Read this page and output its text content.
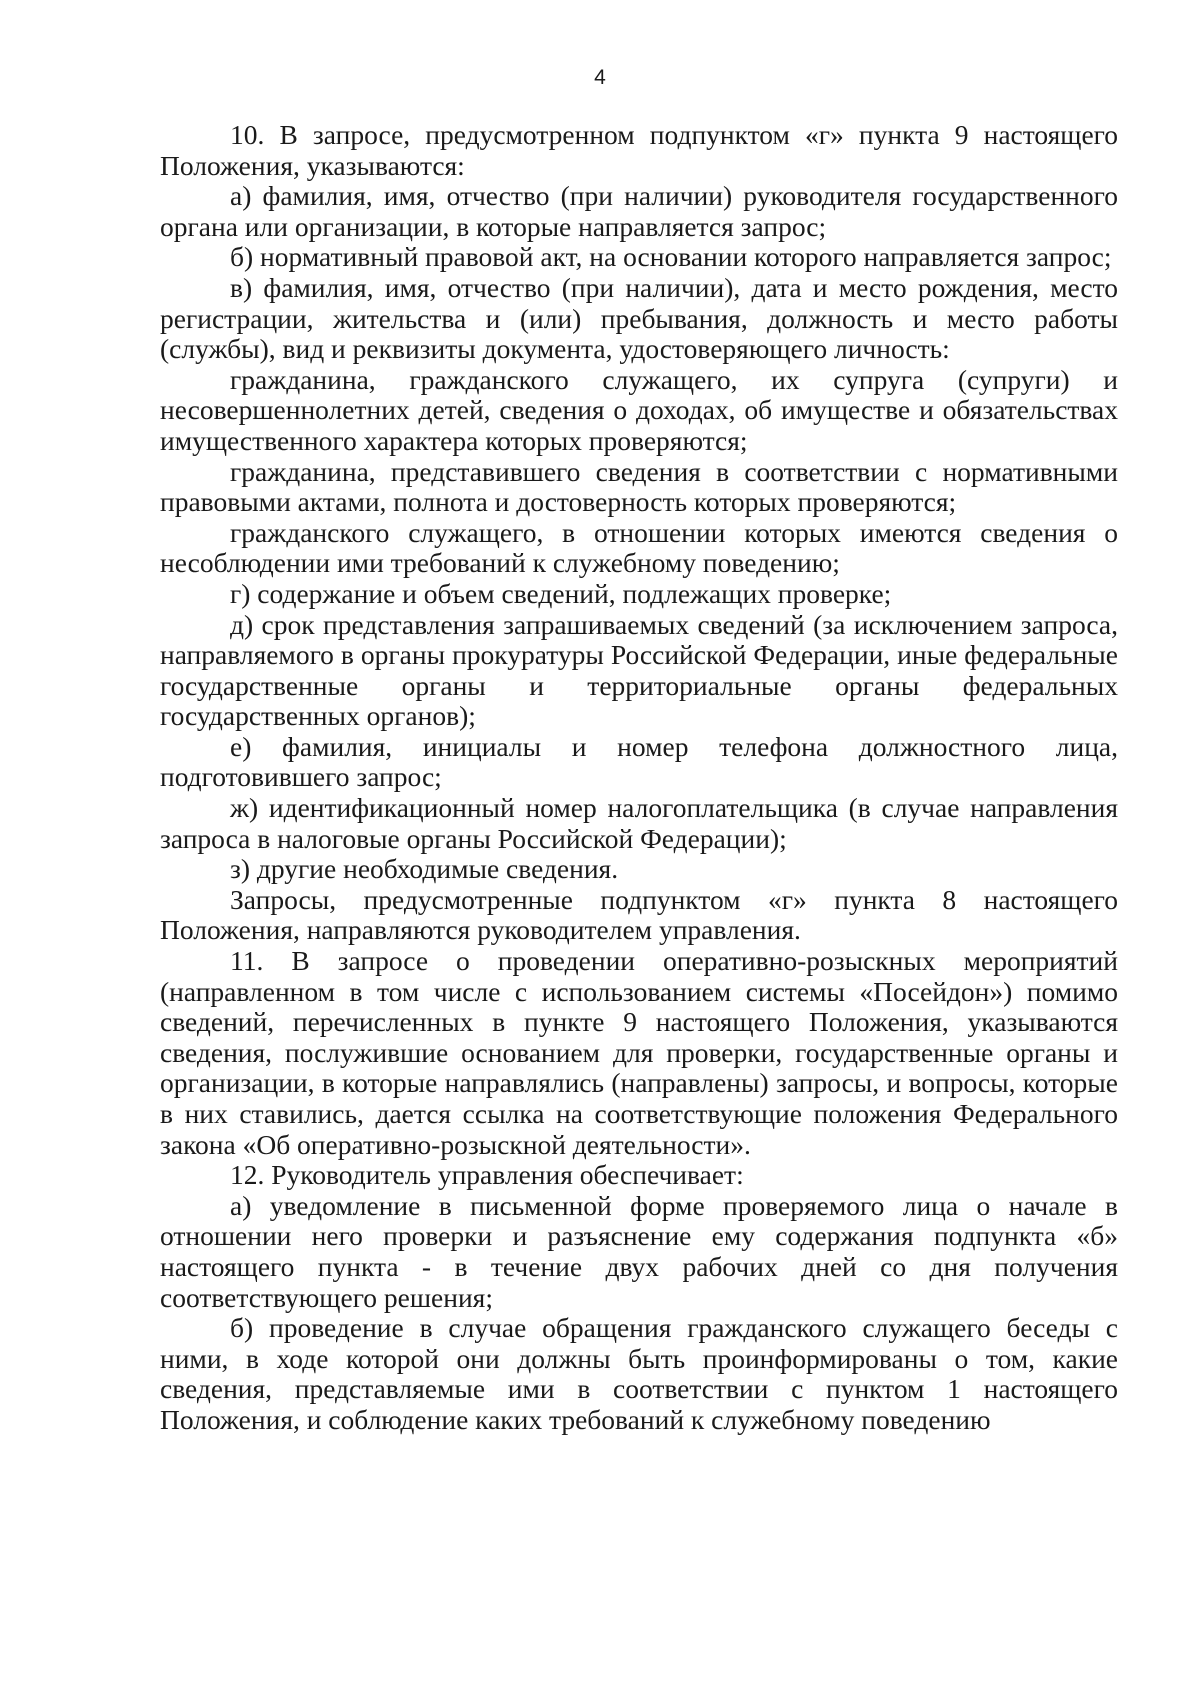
4

10. В запросе, предусмотренном подпунктом «г» пункта 9 настоящего Положения, указываются:

а) фамилия, имя, отчество (при наличии) руководителя государственного органа или организации, в которые направляется запрос;

б) нормативный правовой акт, на основании которого направляется запрос;

в) фамилия, имя, отчество (при наличии), дата и место рождения, место регистрации, жительства и (или) пребывания, должность и место работы (службы), вид и реквизиты документа, удостоверяющего личность:

гражданина, гражданского служащего, их супруга (супруги) и несовершеннолетних детей, сведения о доходах, об имуществе и обязательствах имущественного характера которых проверяются;

гражданина, представившего сведения в соответствии с нормативными правовыми актами, полнота и достоверность которых проверяются;

гражданского служащего, в отношении которых имеются сведения о несоблюдении ими требований к служебному поведению;

г) содержание и объем сведений, подлежащих проверке;

д) срок представления запрашиваемых сведений (за исключением запроса, направляемого в органы прокуратуры Российской Федерации, иные федеральные государственные органы и территориальные органы федеральных государственных органов);

е) фамилия, инициалы и номер телефона должностного лица, подготовившего запрос;

ж) идентификационный номер налогоплательщика (в случае направления запроса в налоговые органы Российской Федерации);

з) другие необходимые сведения.

Запросы, предусмотренные подпунктом «г» пункта 8 настоящего Положения, направляются руководителем управления.

11. В запросе о проведении оперативно-розыскных мероприятий (направленном в том числе с использованием системы «Посейдон») помимо сведений, перечисленных в пункте 9 настоящего Положения, указываются сведения, послужившие основанием для проверки, государственные органы и организации, в которые направлялись (направлены) запросы, и вопросы, которые в них ставились, дается ссылка на соответствующие положения Федерального закона «Об оперативно-розыскной деятельности».

12. Руководитель управления обеспечивает:

а) уведомление в письменной форме проверяемого лица о начале в отношении него проверки и разъяснение ему содержания подпункта «б» настоящего пункта - в течение двух рабочих дней со дня получения соответствующего решения;

б) проведение в случае обращения гражданского служащего беседы с ними, в ходе которой они должны быть проинформированы о том, какие сведения, представляемые ими в соответствии с пунктом 1 настоящего Положения, и соблюдение каких требований к служебному поведению
